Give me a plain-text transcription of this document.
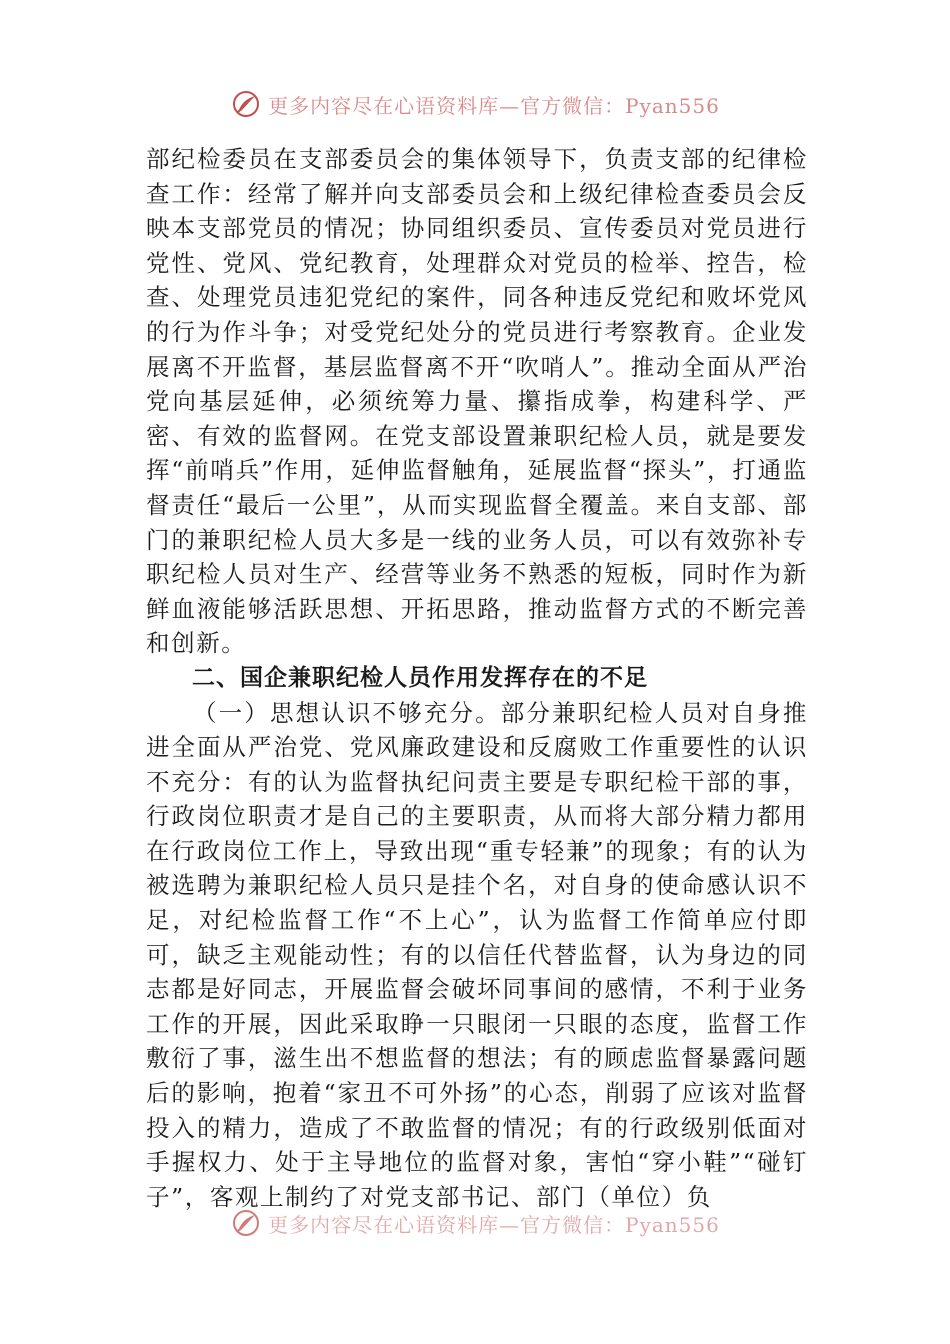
更多内容尽在心语资料库—官方微信：Pyan556

部纪检委员在支部委员会的集体领导下，负责支部的纪律检查工作：经常了解并向支部委员会和上级纪律检查委员会反映本支部党员的情况；协同组织委员、宣传委员对党员进行党性、党风、党纪教育，处理群众对党员的检举、控告，检查、处理党员违犯党纪的案件，同各种违反党纪和败坏党风的行为作斗争；对受党纪处分的党员进行考察教育。企业发展离不开监督，基层监督离不开“吹哨人”。推动全面从严治党向基层延伸，必须统筹力量、攥指成拳，构建科学、严密、有效的监督网。在党支部设置兼职纪检人员，就是要发挥“前哨兵”作用，延伸监督触角，延展监督“探头”，打通监督责任“最后一公里”，从而实现监督全覆盖。来自支部、部门的兼职纪检人员大多是一线的业务人员，可以有效弥补专职纪检人员对生产、经营等业务不熟悉的短板，同时作为新鲜血液能够活跃思想、开拓思路，推动监督方式的不断完善和创新。

二、国企兼职纪检人员作用发挥存在的不足

（一）思想认识不够充分。部分兼职纪检人员对自身推进全面从严治党、党风廉政建设和反腐败工作重要性的认识不充分：有的认为监督执纪问责主要是专职纪检干部的事，行政岗位职责才是自己的主要职责，从而将大部分精力都用在行政岗位工作上，导致出现“重专轻兼”的现象；有的认为被选聘为兼职纪检人员只是挂个名，对自身的使命感认识不足，对纪检监督工作“不上心”，认为监督工作简单应付即可，缺乏主观能动性；有的以信任代替监督，认为身边的同志都是好同志，开展监督会破坏同事间的感情，不利于业务工作的开展，因此采取睁一只眼闭一只眼的态度，监督工作敷衍了事，滋生出不想监督的想法；有的顾虑监督暴露问题后的影响，抱着“家丑不可外扬”的心态，削弱了应该对监督投入的精力，造成了不敢监督的情况；有的行政级别低面对手握权力、处于主导地位的监督对象，害怕“穿小鞋”“碰钉子”，客观上制约了对党支部书记、部门（单位）负

更多内容尽在心语资料库—官方微信：Pyan556
